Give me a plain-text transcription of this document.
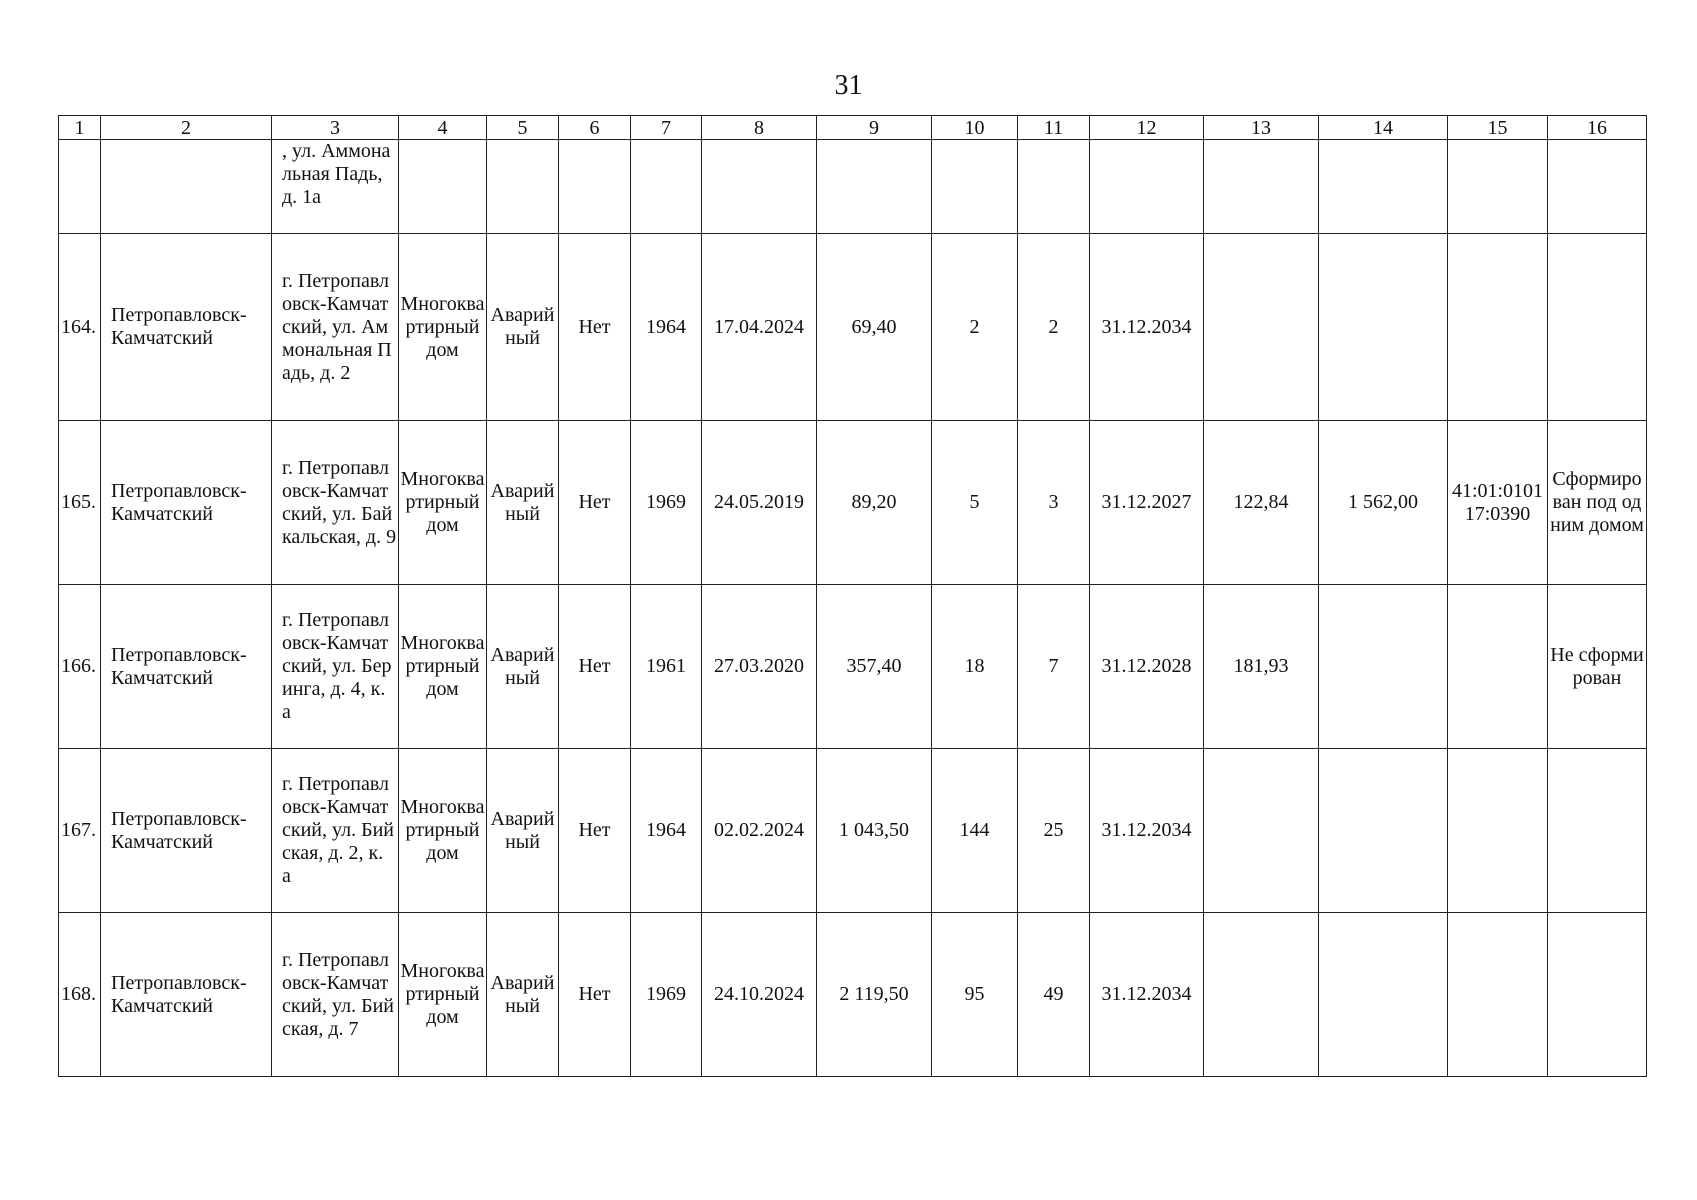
31
1	2	3	4	5	6	7	8	9	10	11	12	13	14	15	16
		, ул. Аммональная Падь, д. 1а													
164.	Петропавловск-Камчатский	г. Петропавловск-Камчатский, ул. Аммональная Падь, д. 2	Многоквартирный дом	Аварийный	Нет	1964	17.04.2024	69,40	2	2	31.12.2034				
165.	Петропавловск-Камчатский	г. Петропавловск-Камчатский, ул. Байкальская, д. 9	Многоквартирный дом	Аварийный	Нет	1969	24.05.2019	89,20	5	3	31.12.2027	122,84	1 562,00	41:01:010117:0390	Сформирован под одним домом
166.	Петропавловск-Камчатский	г. Петропавловск-Камчатский, ул. Беринга, д. 4, к. а	Многоквартирный дом	Аварийный	Нет	1961	27.03.2020	357,40	18	7	31.12.2028	181,93			Не сформирован
167.	Петропавловск-Камчатский	г. Петропавловск-Камчатский, ул. Бийская, д. 2, к. а	Многоквартирный дом	Аварийный	Нет	1964	02.02.2024	1 043,50	144	25	31.12.2034				
168.	Петропавловск-Камчатский	г. Петропавловск-Камчатский, ул. Бийская, д. 7	Многоквартирный дом	Аварийный	Нет	1969	24.10.2024	2 119,50	95	49	31.12.2034				
